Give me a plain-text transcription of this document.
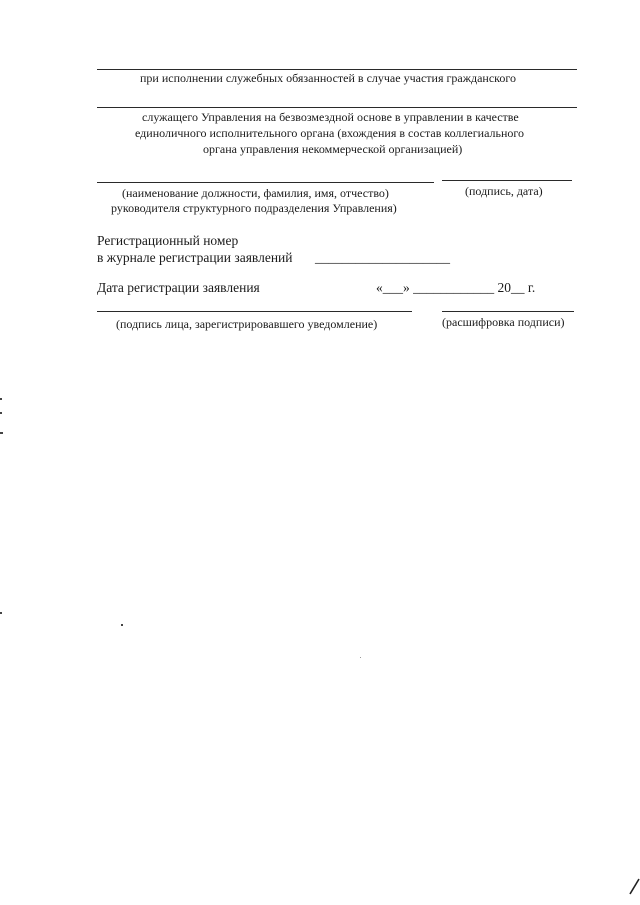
при исполнении служебных обязанностей в случае участия гражданского
служащего Управления на безвозмездной основе в управлении в качестве
единоличного исполнительного органа (вхождения в состав коллегиального
органа управления некоммерческой организацией)
(наименование должности, фамилия, имя, отчество)	(подпись, дата)
руководителя структурного подразделения Управления)
Регистрационный номер
в журнале регистрации заявлений ____________________
Дата регистрации заявления	«___» ____________ 20__ г.
(подпись лица, зарегистрировавшего уведомление)	(расшифровка подписи)
